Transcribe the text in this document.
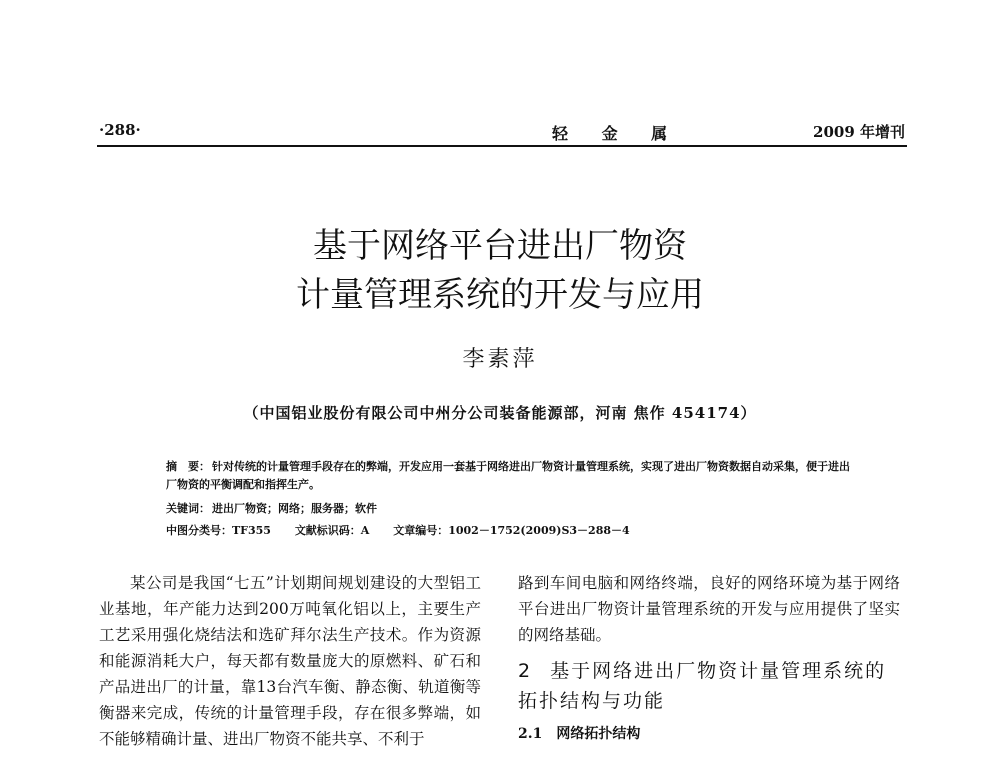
·288·	轻 金 属	2009 年增刊
基于网络平台进出厂物资
计量管理系统的开发与应用
李素萍
（中国铝业股份有限公司中州分公司装备能源部，河南 焦作 454174）
摘　要： 针对传统的计量管理手段存在的弊端，开发应用一套基于网络进出厂物资计量管理系统，实现了进出厂物资数据自动采集，便于进出厂物资的平衡调配和指挥生产。
关键词： 进出厂物资；网络；服务器；软件
中图分类号：TF355 文献标识码：A 文章编号：1002－1752(2009)S3－288－4

某公司是我国“七五”计划期间规划建设的大型铝工业基地，年产能力达到200万吨氧化铝以上，主要生产工艺采用强化烧结法和选矿拜尔法生产技术。作为资源和能源消耗大户，每天都有数量庞大的原燃料、矿石和产品进出厂的计量，靠13台汽车衡、静态衡、轨道衡等衡器来完成，传统的计量管理手段，存在很多弊端，如不能够精确计量、进出厂物资不能共享、不利于

路到车间电脑和网络终端，良好的网络环境为基于网络平台进出厂物资计量管理系统的开发与应用提供了坚实的网络基础。

2 基于网络进出厂物资计量管理系统的拓扑结构与功能
2.1 网络拓扑结构
